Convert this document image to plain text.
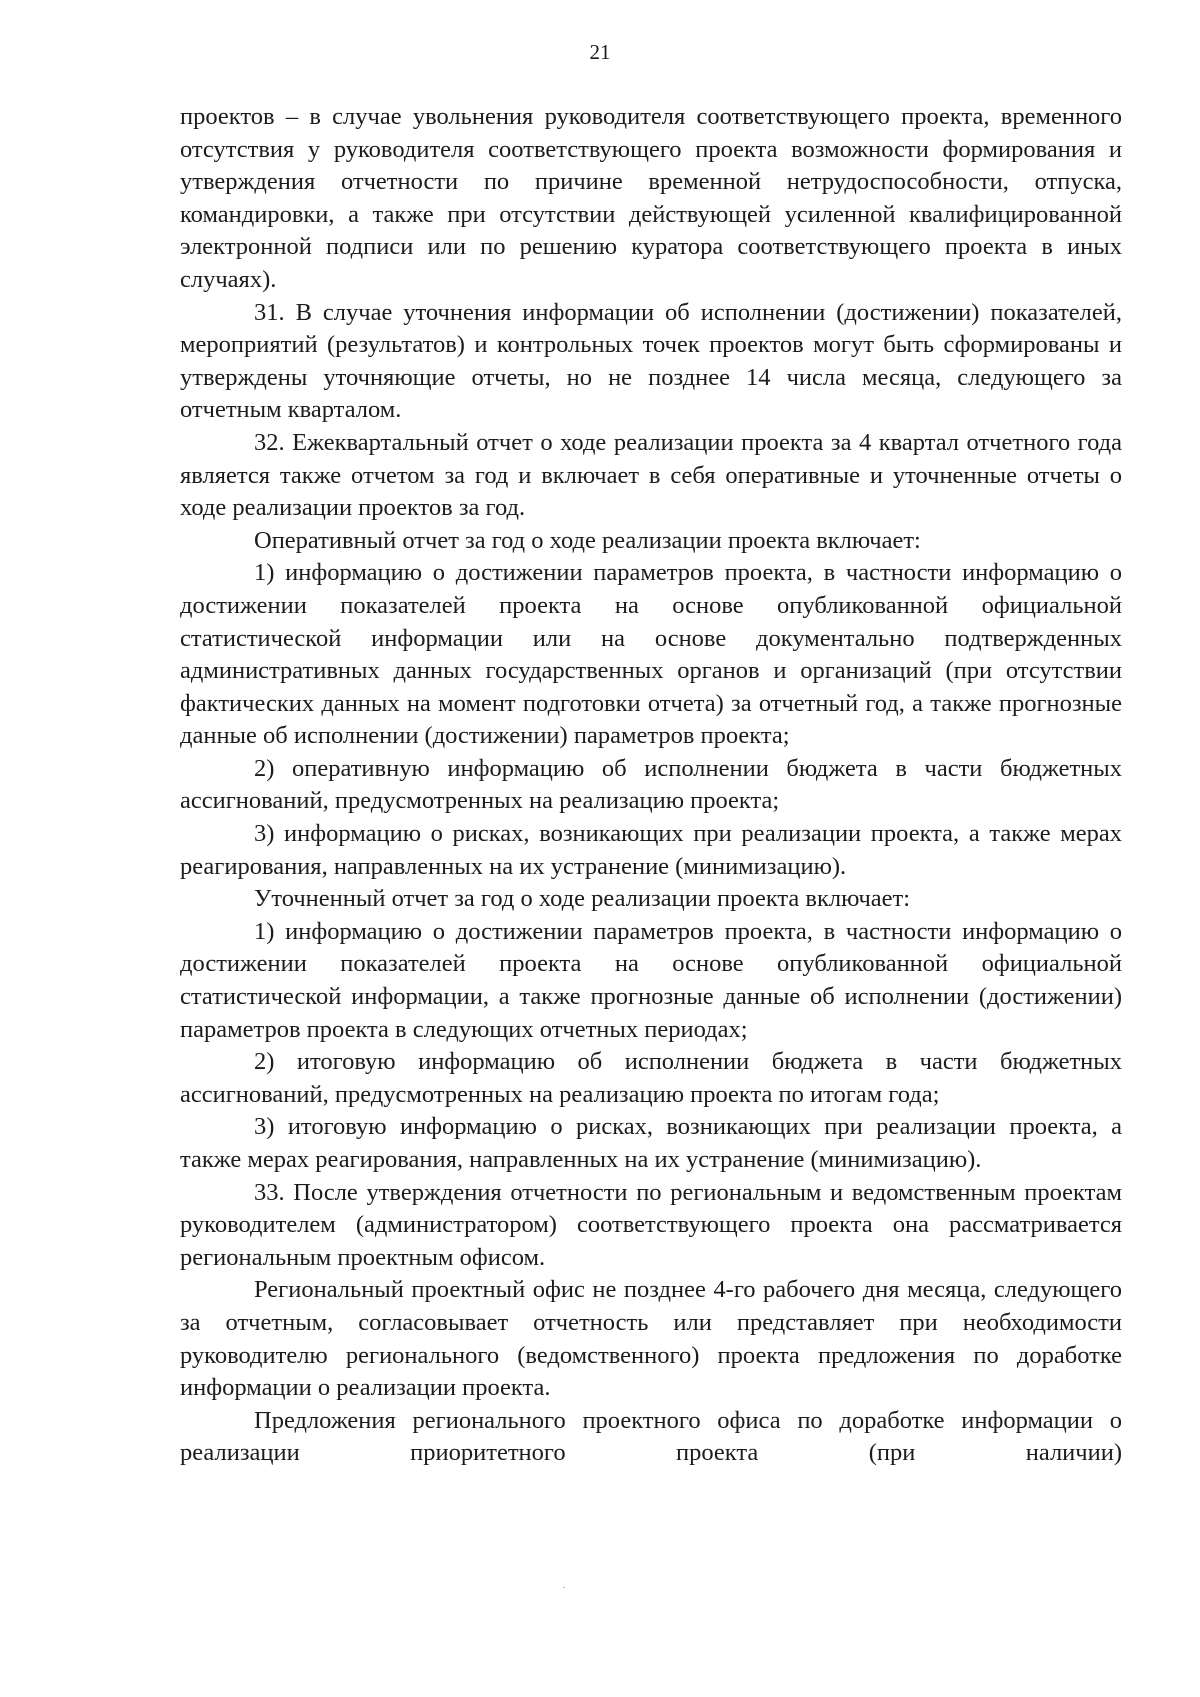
21

проектов – в случае увольнения руководителя соответствующего проекта, временного отсутствия у руководителя соответствующего проекта возможности формирования и утверждения отчетности по причине временной нетрудоспособности, отпуска, командировки, а также при отсутствии действующей усиленной квалифицированной электронной подписи или по решению куратора соответствующего проекта в иных случаях).

31. В случае уточнения информации об исполнении (достижении) показателей, мероприятий (результатов) и контрольных точек проектов могут быть сформированы и утверждены уточняющие отчеты, но не позднее 14 числа месяца, следующего за отчетным кварталом.

32. Ежеквартальный отчет о ходе реализации проекта за 4 квартал отчетного года является также отчетом за год и включает в себя оперативные и уточненные отчеты о ходе реализации проектов за год.

Оперативный отчет за год о ходе реализации проекта включает:

1) информацию о достижении параметров проекта, в частности информацию о достижении показателей проекта на основе опубликованной официальной статистической информации или на основе документально подтвержденных административных данных государственных органов и организаций (при отсутствии фактических данных на момент подготовки отчета) за отчетный год, а также прогнозные данные об исполнении (достижении) параметров проекта;

2) оперативную информацию об исполнении бюджета в части бюджетных ассигнований, предусмотренных на реализацию проекта;

3) информацию о рисках, возникающих при реализации проекта, а также мерах реагирования, направленных на их устранение (минимизацию).

Уточненный отчет за год о ходе реализации проекта включает:

1) информацию о достижении параметров проекта, в частности информацию о достижении показателей проекта на основе опубликованной официальной статистической информации, а также прогнозные данные об исполнении (достижении) параметров проекта в следующих отчетных периодах;

2) итоговую информацию об исполнении бюджета в части бюджетных ассигнований, предусмотренных на реализацию проекта по итогам года;

3) итоговую информацию о рисках, возникающих при реализации проекта, а также мерах реагирования, направленных на их устранение (минимизацию).

33. После утверждения отчетности по региональным и ведомственным проектам руководителем (администратором) соответствующего проекта она рассматривается региональным проектным офисом.

Региональный проектный офис не позднее 4-го рабочего дня месяца, следующего за отчетным, согласовывает отчетность или представляет при необходимости руководителю регионального (ведомственного) проекта предложения по доработке информации о реализации проекта.

Предложения регионального проектного офиса по доработке информации о реализации приоритетного проекта (при наличии)
